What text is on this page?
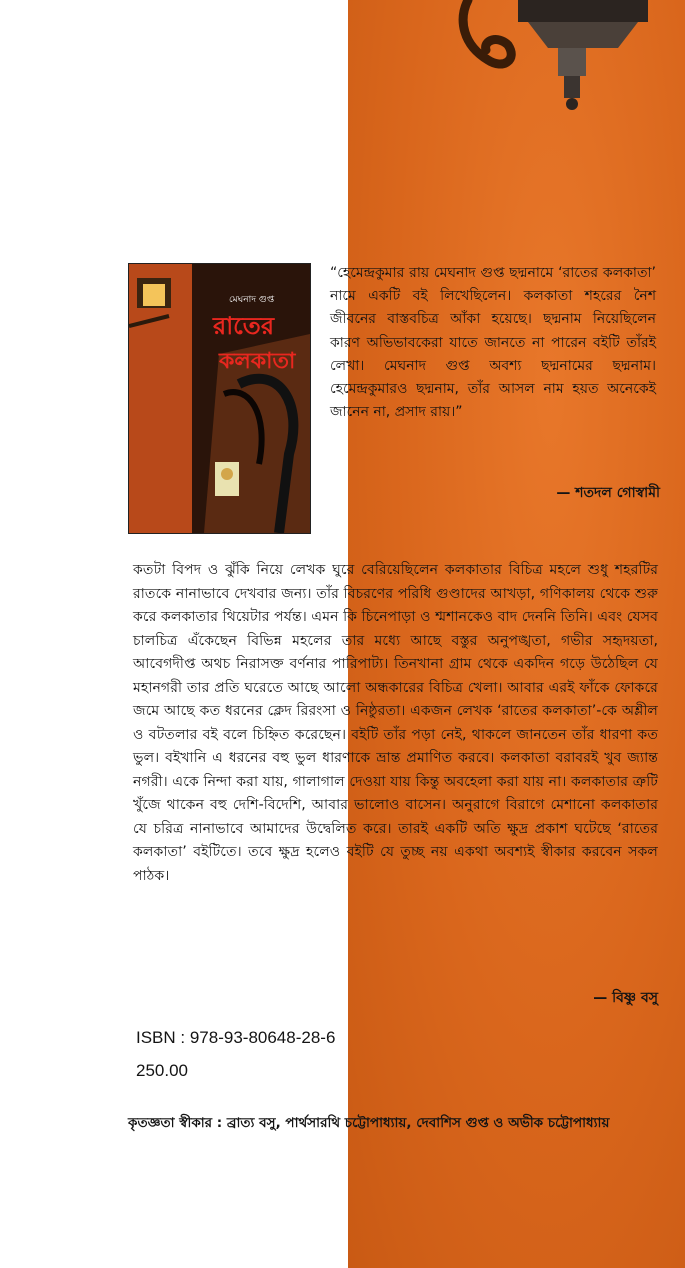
মেঘনাদ গুপ্ত
রাতের
কলকাতা
“হেমেন্দ্রকুমার রায় মেঘনাদ গুপ্ত ছদ্মনামে ‘রাতের কলকাতা’ নামে একটি বই লিখেছিলেন। কলকাতা শহরের নৈশ জীবনের বাস্তবচিত্র আঁকা হয়েছে। ছদ্মনাম নিয়েছিলেন কারণ অভিভাবকেরা যাতে জানতে না পারেন বইটি তাঁরই লেখা। মেঘনাদ গুপ্ত অবশ্য ছদ্মনামের ছদ্মনাম। হেমেন্দ্রকুমারও ছদ্মনাম, তাঁর আসল নাম হয়ত অনেকেই জানেন না, প্রসাদ রায়।”
— শতদল গোস্বামী
কতটা বিপদ ও ঝুঁকি নিয়ে লেখক ঘুরে বেরিয়েছিলেন কলকাতার বিচিত্র মহলে শুধু শহরটির রাতকে নানাভাবে দেখবার জন্য। তাঁর বিচরণের পরিধি গুণ্ডাদের আখড়া, গণিকালয় থেকে শুরু করে কলকাতার থিয়েটার পর্যন্ত। এমন কি চিনেপাড়া ও শ্মশানকেও বাদ দেননি তিনি। এবং যেসব চালচিত্র এঁকেছেন বিভিন্ন মহলের তার মধ্যে আছে বস্তুর অনুপঙ্খতা, গভীর সহৃদয়তা, আবেগদীপ্ত অথচ নিরাসক্ত বর্ণনার পারিপাট্য। তিনখানা গ্রাম থেকে একদিন গড়ে উঠেছিল যে মহানগরী তার প্রতি ঘরেতে আছে আলো অন্ধকারের বিচিত্র খেলা। আবার এরই ফাঁকে ফোকরে জমে আছে কত ধরনের ক্লেদ রিরংসা ও নিষ্ঠুরতা। একজন লেখক ‘রাতের কলকাতা’-কে অশ্লীল ও বটতলার বই বলে চিহ্নিত করেছেন। বইটি তাঁর পড়া নেই, থাকলে জানতেন তাঁর ধারণা কত ভুল। বইখানি এ ধরনের বহু ভুল ধারণাকে ভ্রান্ত প্রমাণিত করবে। কলকাতা বরাবরই খুব জ্যান্ত নগরী। একে নিন্দা করা যায়, গালাগাল দেওয়া যায় কিন্তু অবহেলা করা যায় না। কলকাতার ত্রুটি খুঁজে থাকেন বহু দেশি-বিদেশি, আবার ভালোও বাসেন। অনুরাগে বিরাগে মেশানো কলকাতার যে চরিত্র নানাভাবে আমাদের উদ্বেলিত করে। তারই একটি অতি ক্ষুদ্র প্রকাশ ঘটেছে ‘রাতের কলকাতা’ বইটিতে। তবে ক্ষুদ্র হলেও বইটি যে তুচ্ছ নয় একথা অবশ্যই স্বীকার করবেন সকল পাঠক।
— বিষ্ণু বসু
ISBN : 978-93-80648-28-6
250.00
কৃতজ্ঞতা স্বীকার : ব্রাত্য বসু, পার্থসারথি চট্টোপাধ্যায়, দেবাশিস গুপ্ত ও অভীক চট্টোপাধ্যায়
